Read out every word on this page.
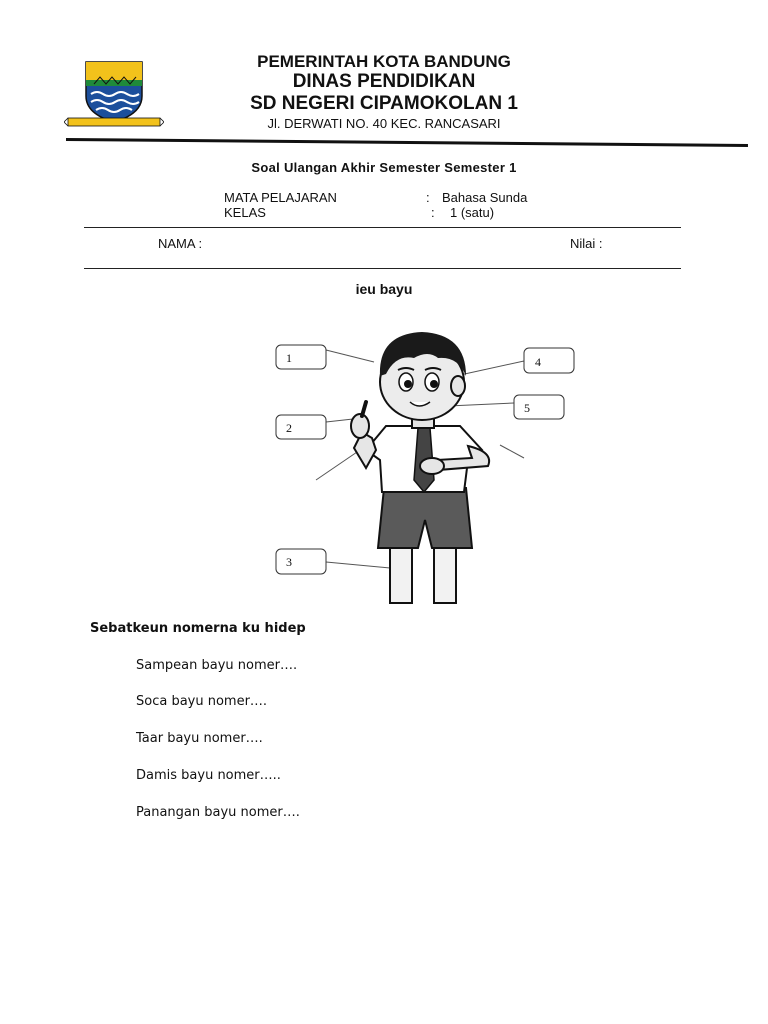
PEMERINTAH KOTA BANDUNG
DINAS PENDIDIKAN
SD NEGERI CIPAMOKOLAN 1
Jl. DERWATI NO. 40 KEC. RANCASARI
Soal Ulangan Akhir Semester Semester 1
MATA PELAJARAN	: Bahasa Sunda
KELAS	: 1 (satu)
NAMA :	Nilai :
ieu bayu
1
2
3
4
5
Sebatkeun nomerna ku hidep
Sampean bayu nomer….
Soca bayu nomer….
Taar bayu nomer….
Damis bayu nomer…..
Panangan bayu nomer….
